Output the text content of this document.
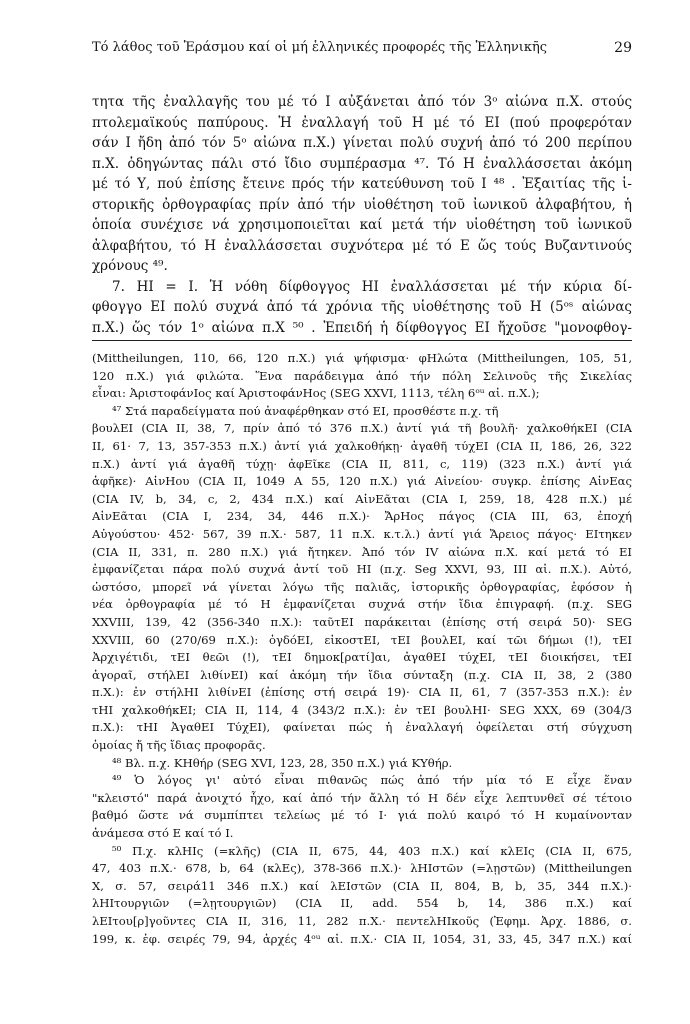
Τό λάθος τοῦ Ἐράσμου καί οἱ μή ἑλληνικές προφορές τῆς Ἑλληνικῆς	29
τητα τῆς ἐναλλαγῆς του μέ τό Ι αὐξάνεται ἀπό τόν 3ᵒ αἰώνα π.Χ. στούς
πτολεμαϊκούς παπύρους. Ἡ ἐναλλαγή τοῦ Η μέ τό ΕΙ (πού προφερόταν
σάν Ι ἤδη ἀπό τόν 5ᵒ αἰώνα π.Χ.) γίνεται πολύ συχνή ἀπό τό 200 περίπου
π.Χ. ὁδηγώντας πάλι στό ἴδιο συμπέρασμα ⁴⁷. Τό Η ἐναλλάσσεται ἀκόμη
μέ τό Υ, πού ἐπίσης ἔτεινε πρός τήν κατεύθυνση τοῦ Ι ⁴⁸ . Ἐξαιτίας τῆς ἱ-
στορικῆς ὀρθογραφίας πρίν ἀπό τήν υἱοθέτηση τοῦ ἰωνικοῦ ἀλφαβήτου, ἡ
ὁποία συνέχισε νά χρησιμοποιεῖται καί μετά τήν υἱοθέτηση τοῦ ἰωνικοῦ
ἀλφαβήτου, τό Η ἐναλλάσσεται συχνότερα μέ τό Ε ὥς τούς Βυζαντινούς
χρόνους ⁴⁹.
7. ΗΙ = Ι. Ἡ νόθη δίφθογγος ΗΙ ἐναλλάσσεται μέ τήν κύρια δί-
φθογγο ΕΙ πολύ συχνά ἀπό τά χρόνια τῆς υἱοθέτησης τοῦ Η (5ᵒˢ αἰώνας
π.Χ.) ὥς τόν 1ᵒ αἰώνα π.Χ ⁵⁰ . Ἐπειδή ἡ δίφθογγος ΕΙ ἤχοῦσε "μονοφθογ-
(Mittheilungen, 110, 66, 120 π.Χ.) γιά ψήφισμα· φΗλώτα (Mittheilungen, 105, 51,
120 π.Χ.) γιά φιλώτα. Ἕνα παράδειγμα ἀπό τήν πόλη Σελινοῦς τῆς Σικελίας
εἶναι: ἈριστοφάνΙος καί ἈριστοφάνΗος (SEG XXVI, 1113, τέλη 6ᵒᵘ αἰ. π.Χ.);
⁴⁷ Στά παραδείγματα πού ἀναφέρθηκαν στό ΕΙ, προσθέστε π.χ. τῆ
βουλΕΙ (CIA II, 38, 7, πρίν ἀπό τό 376 π.Χ.) ἀντί γιά τῆ βουλῆ· χαλκοθήκΕΙ (CIA
II, 61· 7, 13, 357-353 π.Χ.) ἀντί γιά χαλκοθήκῃ· ἀγαθῆ τύχΕΙ (CIA II, 186, 26, 322
π.Χ.) ἀντί γιά ἀγαθῆ τύχῃ· ἀφΕῖκε (CIA II, 811, c, 119) (323 π.Χ.) ἀντί γιά
ἀφῆκε)· ΑἰνΗου (CIA II, 1049 A 55, 120 π.Χ.) γιά Αἰνείου· συγκρ. ἐπίσης ΑἰνΕας
(CIA IV, b, 34, c, 2, 434 π.Χ.) καί ΑἰνΕᾶται (CIA I, 259, 18, 428 π.Χ.) μέ
ΑἰνΕᾶται (CIA I, 234, 34, 446 π.Χ.)· ἌρΗος πάγος (CIA III, 63, ἐποχή
Αὐγούστου· 452· 567, 39 π.Χ.· 587, 11 π.Χ. κ.τ.λ.) ἀντί γιά Ἄρειος πάγος· ΕΙτηκεν
(CIA II, 331, π. 280 π.Χ.) γιά ἤτηκεν. Ἀπό τόν IV αἰώνα π.Χ. καί μετά τό ΕΙ
ἐμφανίζεται πάρα πολύ συχνά ἀντί τοῦ ΗΙ (π.χ. Seg XXVI, 93, III αἰ. π.Χ.). Αὐτό,
ὡστόσο, μπορεῖ νά γίνεται λόγω τῆς παλιᾶς, ἱστορικῆς ὀρθογραφίας, ἐφόσον ἡ
νέα ὀρθογραφία μέ τό Η ἐμφανίζεται συχνά στήν ἴδια ἐπιγραφή. (π.χ. SEG
XXVIII, 139, 42 (356-340 π.Χ.): ταῦτΕΙ παράκειται (ἐπίσης στή σειρά 50)· SEG
XXVIII, 60 (270/69 π.Χ.): ὁγδόΕΙ, εἰκοστΕΙ, τΕΙ βουλΕΙ, καί τῶι δήμωι (!), τΕΙ
Ἀρχιγέτιδι, τΕΙ θεῶι (!), τΕΙ δημοκ[ρατί]αι, ἀγαθΕΙ τύχΕΙ, τΕΙ διοικήσει, τΕΙ
ἀγοραῖ, στήλΕΙ λιθίνΕΙ) καί ἀκόμη τήν ἴδια σύνταξη (π.χ. CIA II, 38, 2 (380
π.Χ.): ἐν στήλΗΙ λιθίνΕΙ (ἐπίσης στή σειρά 19)· CIA II, 61, 7 (357-353 π.Χ.): ἐν
τΗΙ χαλκοθήκΕΙ; CIA II, 114, 4 (343/2 π.Χ.): ἐν τΕΙ βουλΗΙ· SEG XXX, 69 (304/3
π.Χ.): τΗΙ ἈγαθΕΙ ΤύχΕΙ), φαίνεται πώς ἡ ἐναλλαγή ὀφείλεται στή σύγχυση
ὁμοίας ἤ τῆς ἴδιας προφορᾶς.
⁴⁸ Βλ. π.χ. ΚΗθήρ (SEG XVI, 123, 28, 350 π.Χ.) γιά ΚΥθήρ.
⁴⁹ Ὁ λόγος γι' αὐτό εἶναι πιθανῶς πώς ἀπό τήν μία τό Ε εἶχε ἕναν
"κλειστό" παρά ἀνοιχτό ἦχο, καί ἀπό τήν ἄλλη τό Η δέν εἶχε λεπτυνθεῖ σέ τέτοιο
βαθμό ὥστε νά συμπίπτει τελείως μέ τό Ι· γιά πολύ καιρό τό Η κυμαίνονταν
ἀνάμεσα στό Ε καί τό Ι.
⁵⁰ Π.χ. κλΗΙς (=κλῆς) (CIA II, 675, 44, 403 π.Χ.) καί κλΕΙς (CIA II, 675,
47, 403 π.Χ.· 678, b, 64 (κλΕς), 378-366 π.Χ.)· λΗΙστῶν (=λῃστῶν) (Mittheilungen
Χ, σ. 57, σειρά11 346 π.Χ.) καί λΕΙστῶν (CIA II, 804, B, b, 35, 344 π.Χ.)·
λΗΙτουργιῶν (=λῃτουργιῶν) (CIA II, add. 554 b, 14, 386 π.Χ.) καί
λΕΙτου[ρ]γοῦντες CIA II, 316, 11, 282 π.Χ.· πεντελΗΙκοῦς (Ἐφημ. Ἀρχ. 1886, σ.
199, κ. ἐφ. σειρές 79, 94, ἀρχές 4ᵒᵘ αἰ. π.Χ.· CIA II, 1054, 31, 33, 45, 347 π.Χ.) καί
